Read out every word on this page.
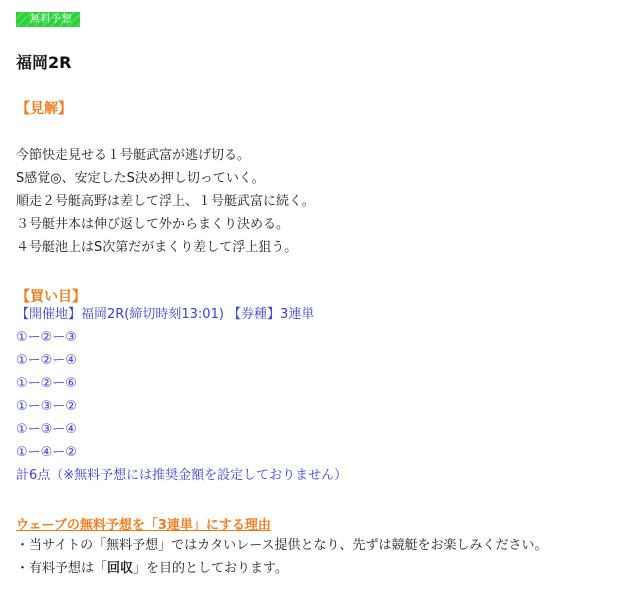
無料予想
福岡2R
【見解】
今節快走見せる１号艇武富が逃げ切る。
S感覚◎、安定したS決め押し切っていく。
順走２号艇高野は差して浮上、１号艇武富に続く。
３号艇井本は伸び返して外からまくり決める。
４号艇池上はS次第だがまくり差して浮上狙う。
【買い目】
【開催地】福岡2R(締切時刻13:01) 【券種】3連単
①ー②ー③
①ー②ー④
①ー②ー⑥
①ー③ー②
①ー③ー④
①ー④ー②
計6点（※無料予想には推奨金額を設定しておりません）
ウェーブの無料予想を「3連単」にする理由
・当サイトの「無料予想」ではカタいレース提供となり、先ずは競艇をお楽しみください。
・有料予想は「回収」を目的としております。
